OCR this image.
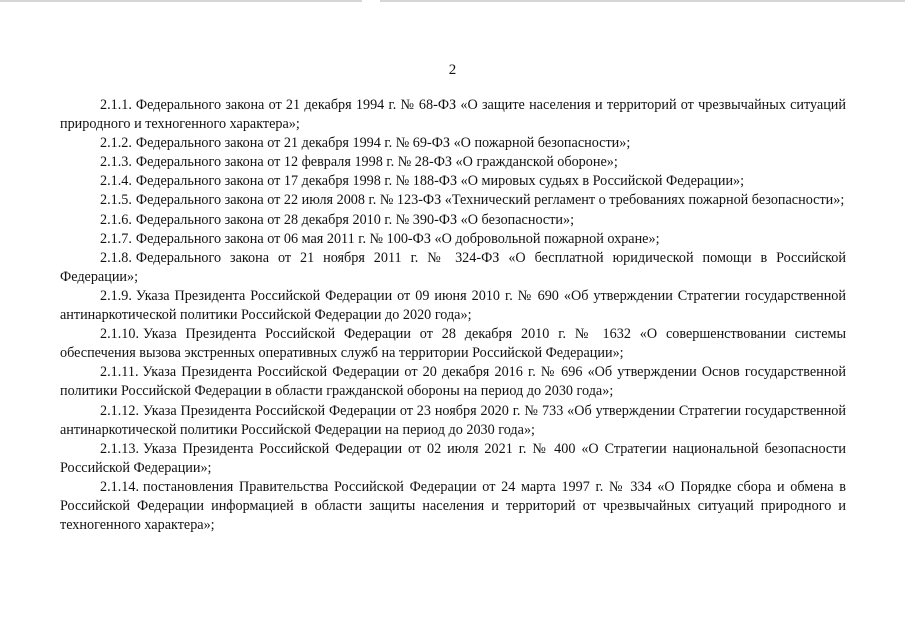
2

2.1.1. Федерального закона от 21 декабря 1994 г. № 68-ФЗ «О защите населения и территорий от чрезвычайных ситуаций природного и техногенного характера»;

2.1.2. Федерального закона от 21 декабря 1994 г. № 69-ФЗ «О пожарной безопасности»;

2.1.3. Федерального закона от 12 февраля 1998 г. № 28-ФЗ «О гражданской обороне»;

2.1.4. Федерального закона от 17 декабря 1998 г. № 188-ФЗ «О мировых судьях в Российской Федерации»;

2.1.5. Федерального закона от 22 июля 2008 г. № 123-ФЗ «Технический регламент о требованиях пожарной безопасности»;

2.1.6. Федерального закона от 28 декабря 2010 г. № 390-ФЗ «О безопасности»;

2.1.7. Федерального закона от 06 мая 2011 г. № 100-ФЗ «О добровольной пожарной охране»;

2.1.8. Федерального закона от 21 ноября 2011 г. № 324-ФЗ «О бесплатной юридической помощи в Российской Федерации»;

2.1.9. Указа Президента Российской Федерации от 09 июня 2010 г. № 690 «Об утверждении Стратегии государственной антинаркотической политики Российской Федерации до 2020 года»;

2.1.10. Указа Президента Российской Федерации от 28 декабря 2010 г. № 1632 «О совершенствовании системы обеспечения вызова экстренных оперативных служб на территории Российской Федерации»;

2.1.11. Указа Президента Российской Федерации от 20 декабря 2016 г. № 696 «Об утверждении Основ государственной политики Российской Федерации в области гражданской обороны на период до 2030 года»;

2.1.12. Указа Президента Российской Федерации от 23 ноября 2020 г. № 733 «Об утверждении Стратегии государственной антинаркотической политики Российской Федерации на период до 2030 года»;

2.1.13. Указа Президента Российской Федерации от 02 июля 2021 г. № 400 «О Стратегии национальной безопасности Российской Федерации»;

2.1.14. постановления Правительства Российской Федерации от 24 марта 1997 г. № 334 «О Порядке сбора и обмена в Российской Федерации информацией в области защиты населения и территорий от чрезвычайных ситуаций природного и техногенного характера»;
